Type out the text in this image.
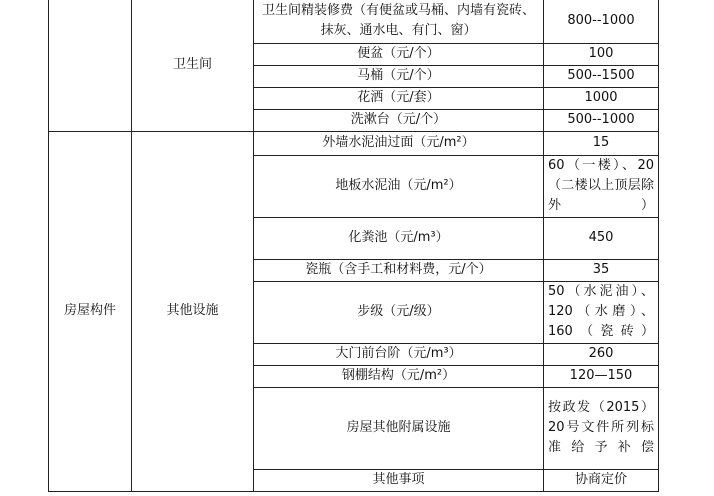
	卫生间	卫生间精装修费（有便盆或马桶、内墙有瓷砖、抹灰、通水电、有门、窗）	800--1000
		便盆（元/个）	100
		马桶（元/个）	500--1500
		花洒（元/套）	1000
		洗漱台（元/个）	500--1000
房屋构件	其他设施	外墙水泥油过面（元/m²）	15
		地板水泥油（元/m²）	60（一楼）、20（二楼以上顶层除外）
		化粪池（元/m³）	450
		瓷瓶（含手工和材料费，元/个）	35
		步级（元/级）	50（水泥油）、120（水磨）、160（瓷砖）
		大门前台阶（元/m³）	260
		钢棚结构（元/m²）	120—150
		房屋其他附属设施	按政发（2015）20号文件所列标准给予补偿
		其他事项	协商定价
